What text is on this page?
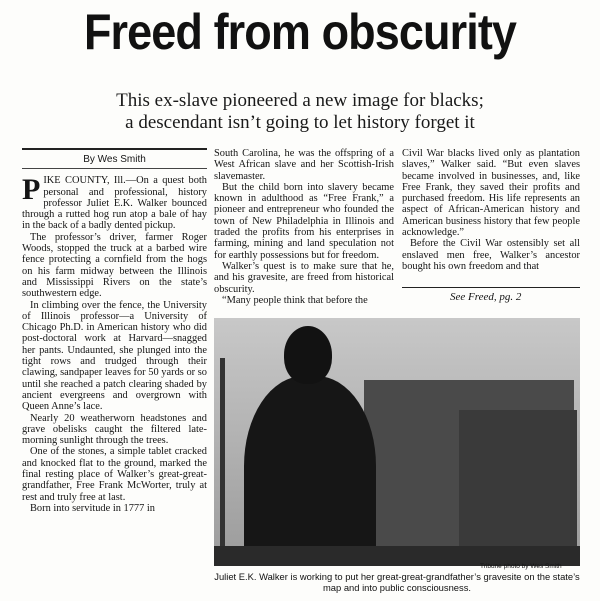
Freed from obscurity
This ex-slave pioneered a new image for blacks;
a descendant isn’t going to let history forget it
By Wes Smith

PIKE COUNTY, Ill.—On a quest both personal and professional, history professor Juliet E.K. Walker bounced through a rutted hog run atop a bale of hay in the back of a badly dented pickup.

The professor’s driver, farmer Roger Woods, stopped the truck at a barbed wire fence protecting a cornfield from the hogs on his farm midway between the Illinois and Mississippi Rivers on the state’s southwestern edge.

In climbing over the fence, the University of Illinois professor—a University of Chicago Ph.D. in American history who did post-doctoral work at Harvard—snagged her pants. Undaunted, she plunged into the tight rows and trudged through their clawing, sandpaper leaves for 50 yards or so until she reached a patch clearing shaded by ancient evergreens and overgrown with Queen Anne’s lace.

Nearly 20 weatherworn headstones and grave obelisks caught the filtered late-morning sunlight through the trees.

One of the stones, a simple tablet cracked and knocked flat to the ground, marked the final resting place of Walker’s great-great-grandfather, Free Frank McWorter, truly at rest and truly free at last.

Born into servitude in 1777 in

South Carolina, he was the offspring of a West African slave and her Scottish-Irish slavemaster.

But the child born into slavery became known in adulthood as “Free Frank,” a pioneer and entrepreneur who founded the town of New Philadelphia in Illinois and traded the profits from his enterprises in farming, mining and land speculation not for earthly possessions but for freedom.

Walker’s quest is to make sure that he, and his gravesite, are freed from historical obscurity.

“Many people think that before the

Civil War blacks lived only as plantation slaves,” Walker said. “But even slaves became involved in businesses, and, like Free Frank, they saved their profits and purchased freedom. His life represents an aspect of African-American history and American business history that few people acknowledge.”

Before the Civil War ostensibly set all enslaved men free, Walker’s ancestor bought his own freedom and that

See Freed, pg. 2
Tribune photo by Wes Smith
Juliet E.K. Walker is working to put her great-great-grandfather’s gravesite on the state’s map and into public consciousness.
